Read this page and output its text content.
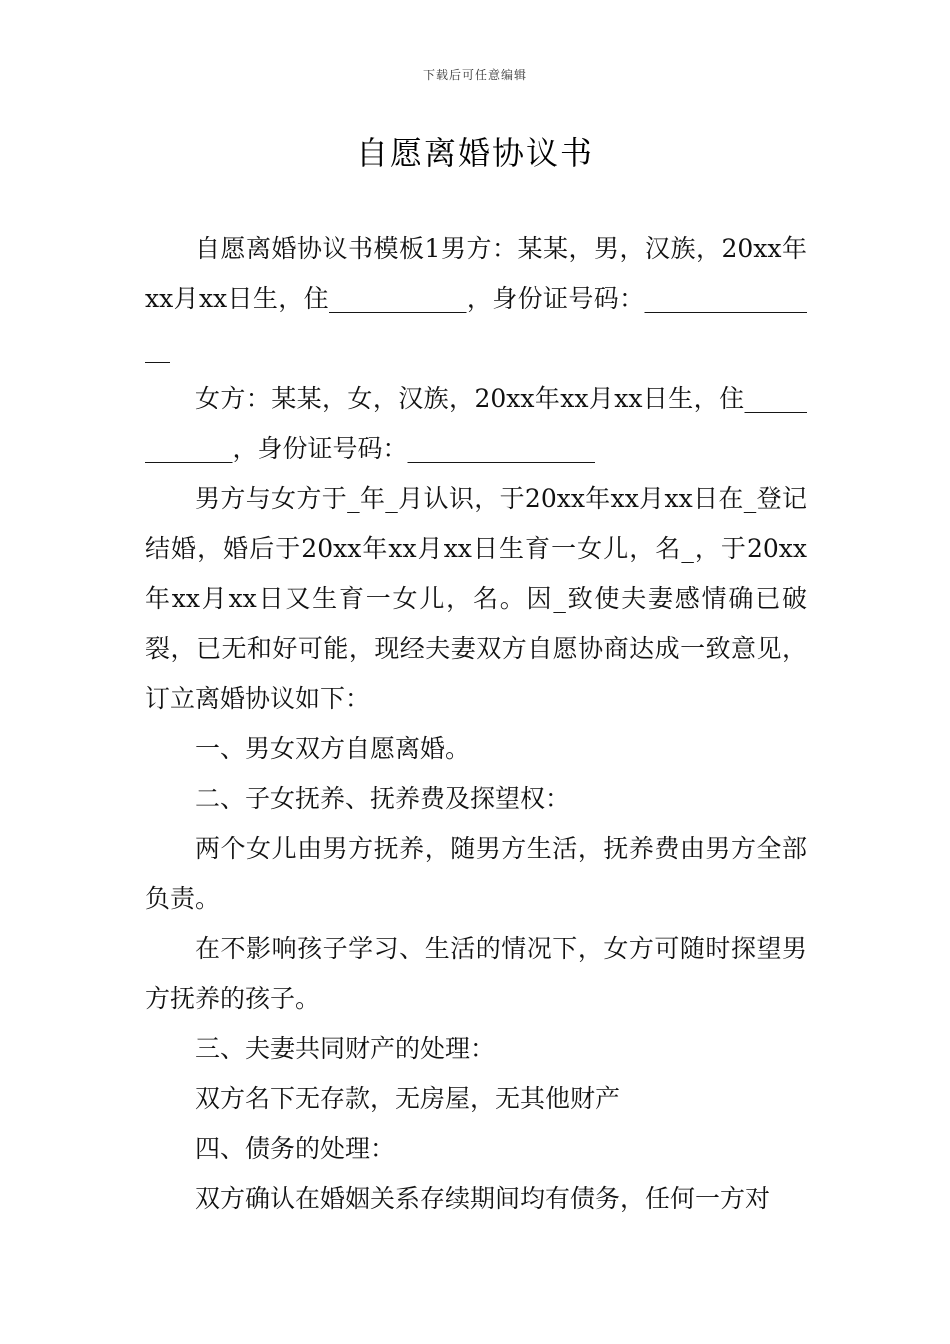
下载后可任意编辑
自愿离婚协议书

自愿离婚协议书模板1男方：某某，男，汉族，20xx年xx月xx日生，住___________，身份证号码：_______________

女方：某某，女，汉族，20xx年xx月xx日生，住____________，身份证号码：_______________

男方与女方于_年_月认识，于20xx年xx月xx日在_登记结婚，婚后于20xx年xx月xx日生育一女儿，名_，于20xx年xx月xx日又生育一女儿，名。因_致使夫妻感情确已破裂，已无和好可能，现经夫妻双方自愿协商达成一致意见，订立离婚协议如下：

一、男女双方自愿离婚。

二、子女抚养、抚养费及探望权：

两个女儿由男方抚养，随男方生活，抚养费由男方全部负责。

在不影响孩子学习、生活的情况下，女方可随时探望男方抚养的孩子。

三、夫妻共同财产的处理：

双方名下无存款，无房屋，无其他财产

四、债务的处理：

双方确认在婚姻关系存续期间均有债务，任何一方对
